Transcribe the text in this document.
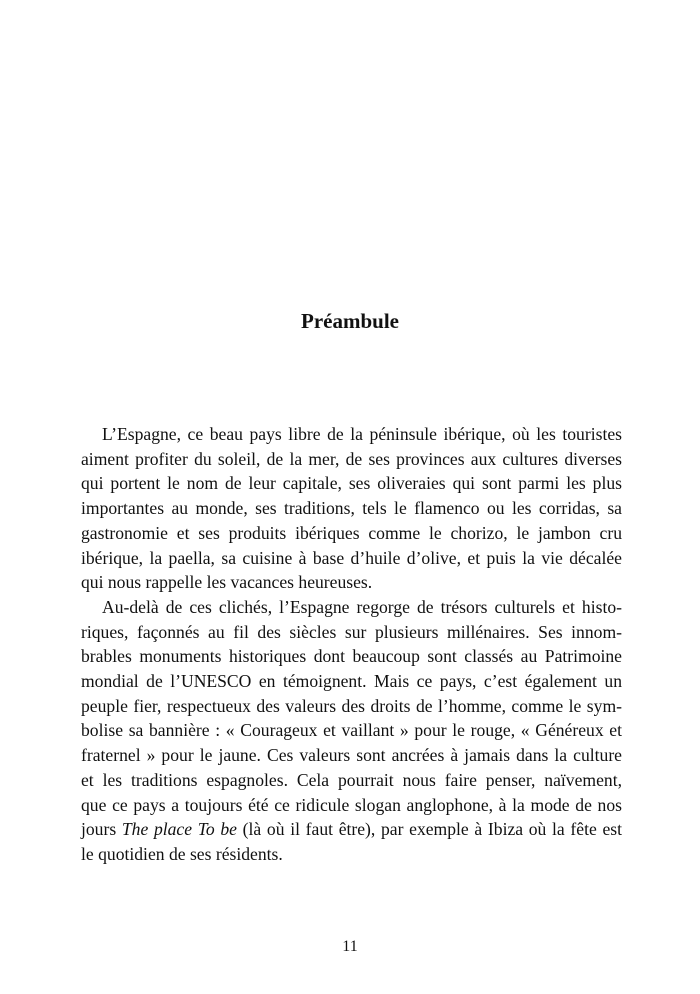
Préambule

L’Espagne, ce beau pays libre de la péninsule ibérique, où les touristes
aiment profiter du soleil, de la mer, de ses provinces aux cultures diverses
qui portent le nom de leur capitale, ses oliveraies qui sont parmi les plus
importantes au monde, ses traditions, tels le flamenco ou les corridas, sa
gastronomie et ses produits ibériques comme le chorizo, le jambon cru
ibérique, la paella, sa cuisine à base d’huile d’olive, et puis la vie décalée
qui nous rappelle les vacances heureuses.

Au-delà de ces clichés, l’Espagne regorge de trésors culturels et histo-
riques, façonnés au fil des siècles sur plusieurs millénaires. Ses innom-
brables monuments historiques dont beaucoup sont classés au Patrimoine
mondial de l’UNESCO en témoignent. Mais ce pays, c’est également un
peuple fier, respectueux des valeurs des droits de l’homme, comme le sym-
bolise sa bannière : « Courageux et vaillant » pour le rouge, « Généreux et
fraternel » pour le jaune. Ces valeurs sont ancrées à jamais dans la culture
et les traditions espagnoles. Cela pourrait nous faire penser, naïvement,
que ce pays a toujours été ce ridicule slogan anglophone, à la mode de nos
jours The place To be (là où il faut être), par exemple à Ibiza où la fête est
le quotidien de ses résidents.

11
